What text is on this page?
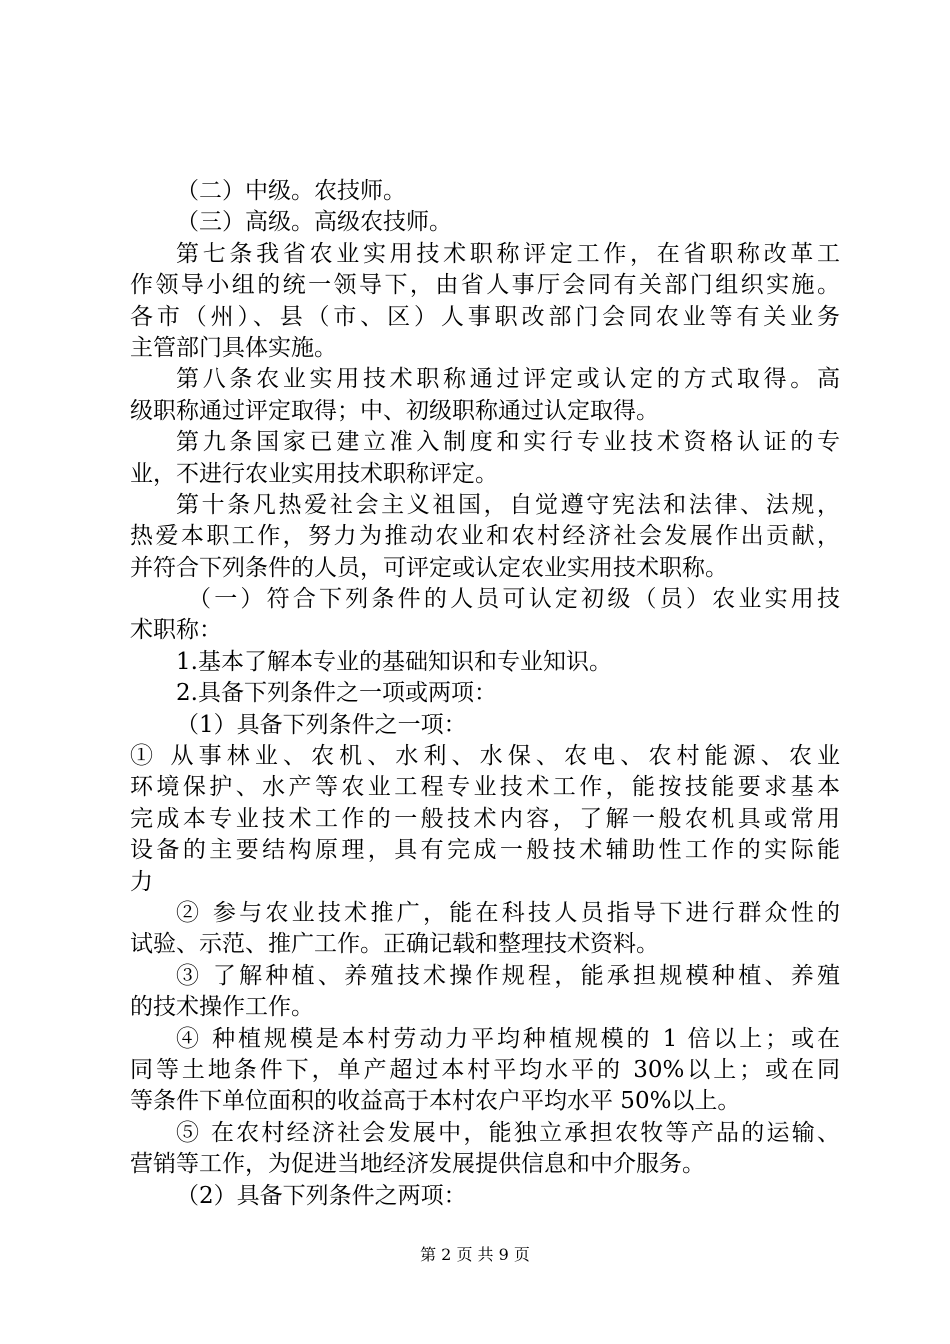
（二）中级。农技师。
（三）高级。高级农技师。
第七条我省农业实用技术职称评定工作，在省职称改革工
作领导小组的统一领导下，由省人事厅会同有关部门组织实施。
各市（州）、县（市、区）人事职改部门会同农业等有关业务
主管部门具体实施。
第八条农业实用技术职称通过评定或认定的方式取得。高
级职称通过评定取得；中、初级职称通过认定取得。
第九条国家已建立准入制度和实行专业技术资格认证的专
业，不进行农业实用技术职称评定。
第十条凡热爱社会主义祖国，自觉遵守宪法和法律、法规，
热爱本职工作，努力为推动农业和农村经济社会发展作出贡献，
并符合下列条件的人员，可评定或认定农业实用技术职称。
（一）符合下列条件的人员可认定初级（员）农业实用技
术职称：
1.基本了解本专业的基础知识和专业知识。
2.具备下列条件之一项或两项：
（1）具备下列条件之一项：
① 从事林业、农机、水利、水保、农电、农村能源、农业
环境保护、水产等农业工程专业技术工作，能按技能要求基本
完成本专业技术工作的一般技术内容，了解一般农机具或常用
设备的主要结构原理，具有完成一般技术辅助性工作的实际能
力
② 参与农业技术推广，能在科技人员指导下进行群众性的
试验、示范、推广工作。正确记载和整理技术资料。
③ 了解种植、养殖技术操作规程，能承担规模种植、养殖
的技术操作工作。
④ 种植规模是本村劳动力平均种植规模的 1 倍以上；或在
同等土地条件下，单产超过本村平均水平的 30%以上；或在同
等条件下单位面积的收益高于本村农户平均水平 50%以上。
⑤ 在农村经济社会发展中，能独立承担农牧等产品的运输、
营销等工作，为促进当地经济发展提供信息和中介服务。
（2）具备下列条件之两项：
第 2 页 共 9 页
